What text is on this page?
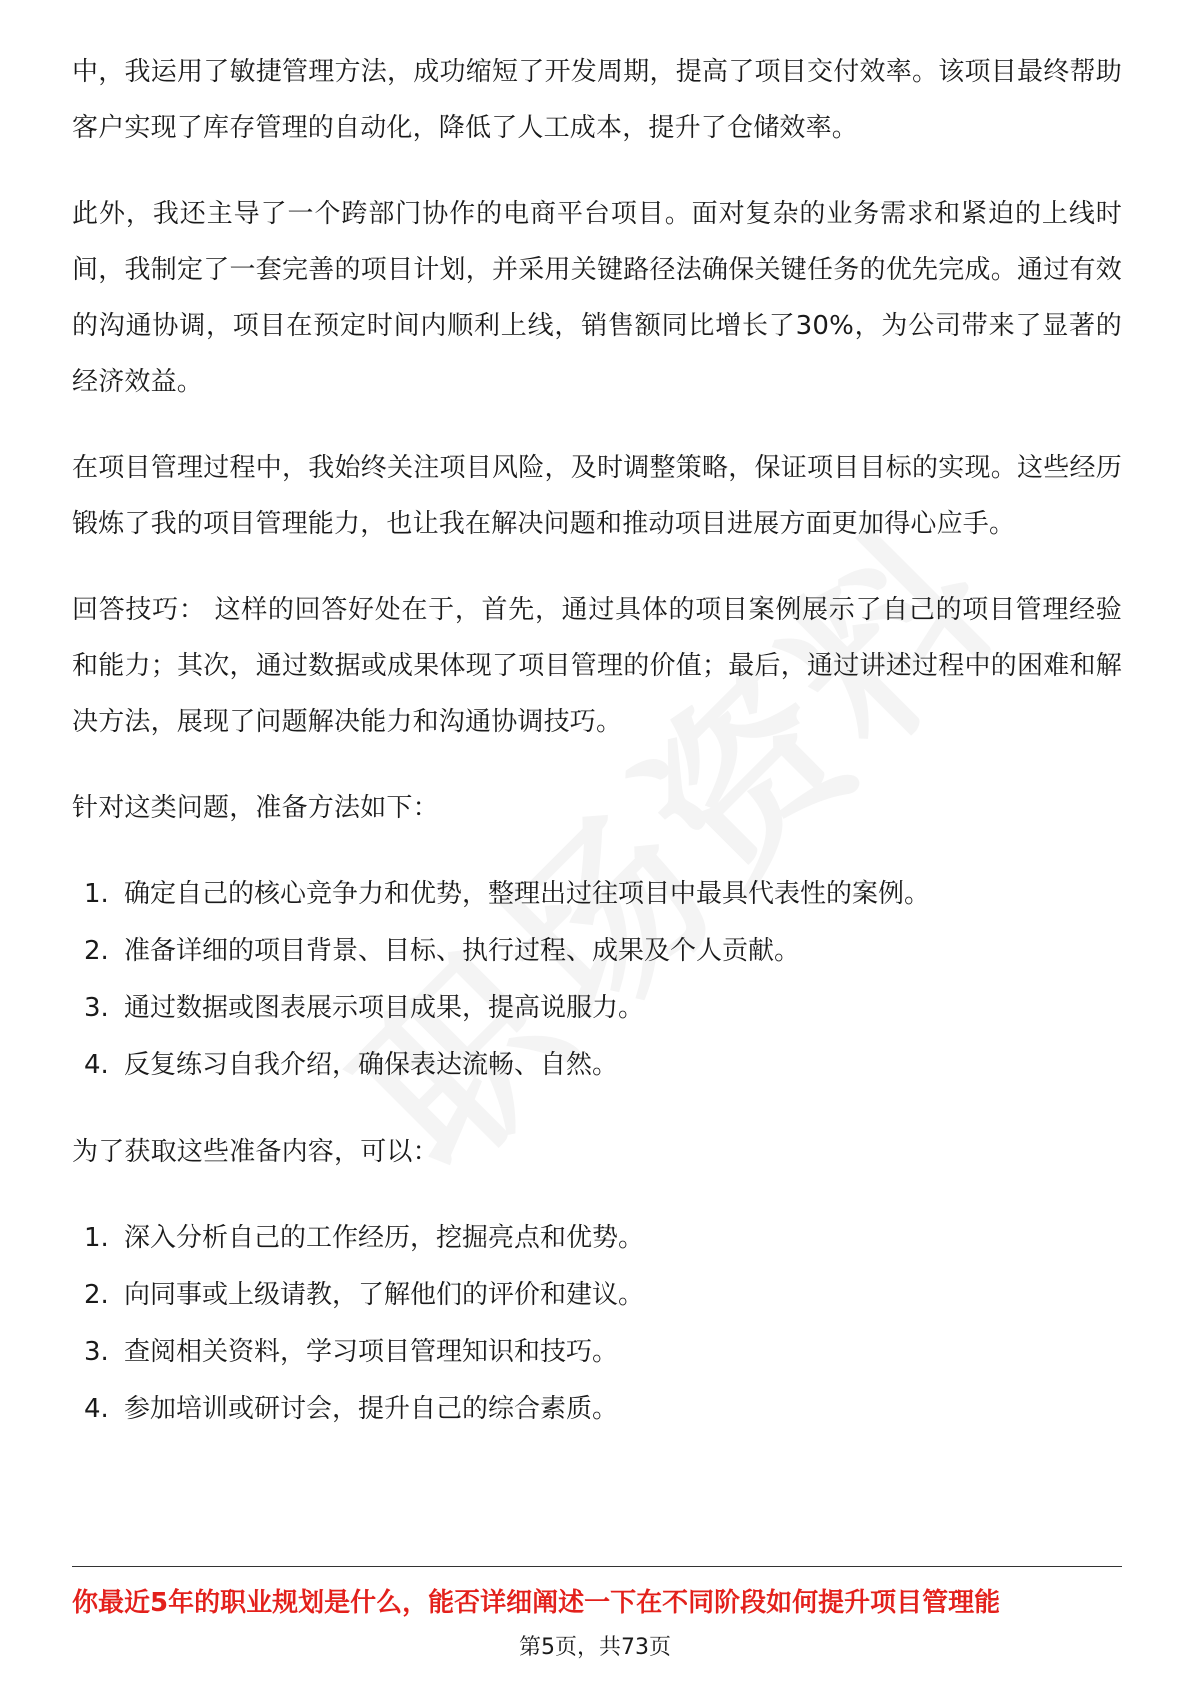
中，我运用了敏捷管理方法，成功缩短了开发周期，提高了项目交付效率。该项目最终帮助客户实现了库存管理的自动化，降低了人工成本，提升了仓储效率。

此外，我还主导了一个跨部门协作的电商平台项目。面对复杂的业务需求和紧迫的上线时间，我制定了一套完善的项目计划，并采用关键路径法确保关键任务的优先完成。通过有效的沟通协调，项目在预定时间内顺利上线，销售额同比增长了30%，为公司带来了显著的经济效益。

在项目管理过程中，我始终关注项目风险，及时调整策略，保证项目目标的实现。这些经历锻炼了我的项目管理能力，也让我在解决问题和推动项目进展方面更加得心应手。

回答技巧： 这样的回答好处在于，首先，通过具体的项目案例展示了自己的项目管理经验和能力；其次，通过数据或成果体现了项目管理的价值；最后，通过讲述过程中的困难和解决方法，展现了问题解决能力和沟通协调技巧。

针对这类问题，准备方法如下：

1. 确定自己的核心竞争力和优势，整理出过往项目中最具代表性的案例。
2. 准备详细的项目背景、目标、执行过程、成果及个人贡献。
3. 通过数据或图表展示项目成果，提高说服力。
4. 反复练习自我介绍，确保表达流畅、自然。

为了获取这些准备内容，可以：

1. 深入分析自己的工作经历，挖掘亮点和优势。
2. 向同事或上级请教，了解他们的评价和建议。
3. 查阅相关资料，学习项目管理知识和技巧。
4. 参加培训或研讨会，提升自己的综合素质。
你最近5年的职业规划是什么，能否详细阐述一下在不同阶段如何提升项目管理能
第5页，共73页
